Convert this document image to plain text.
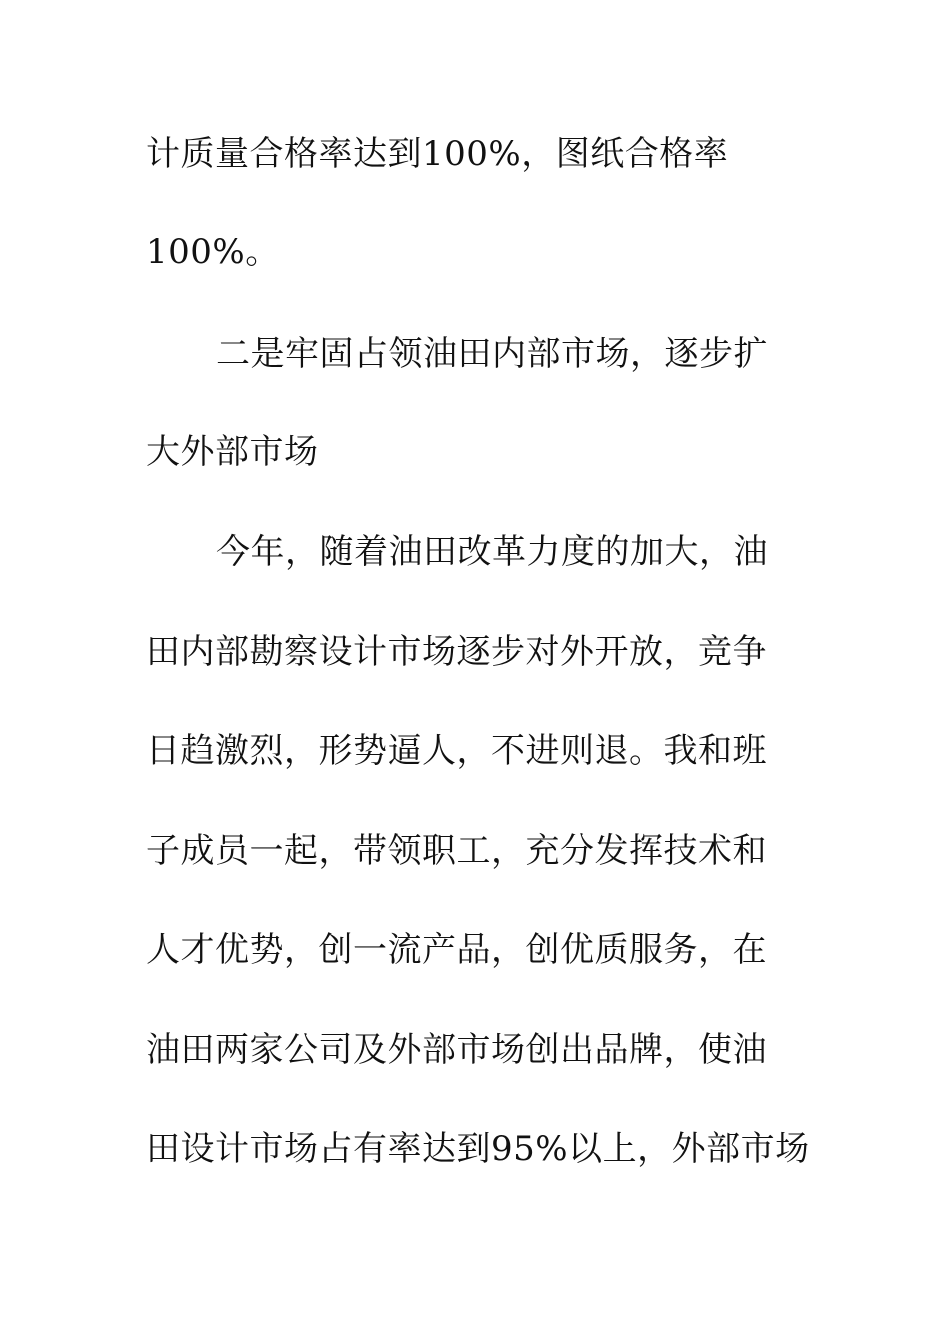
计质量合格率达到100%，图纸合格率
100%。
二是牢固占领油田内部市场，逐步扩
大外部市场
今年，随着油田改革力度的加大，油
田内部勘察设计市场逐步对外开放，竞争
日趋激烈，形势逼人，不进则退。我和班
子成员一起，带领职工，充分发挥技术和
人才优势，创一流产品，创优质服务，在
油田两家公司及外部市场创出品牌，使油
田设计市场占有率达到95%以上，外部市场
